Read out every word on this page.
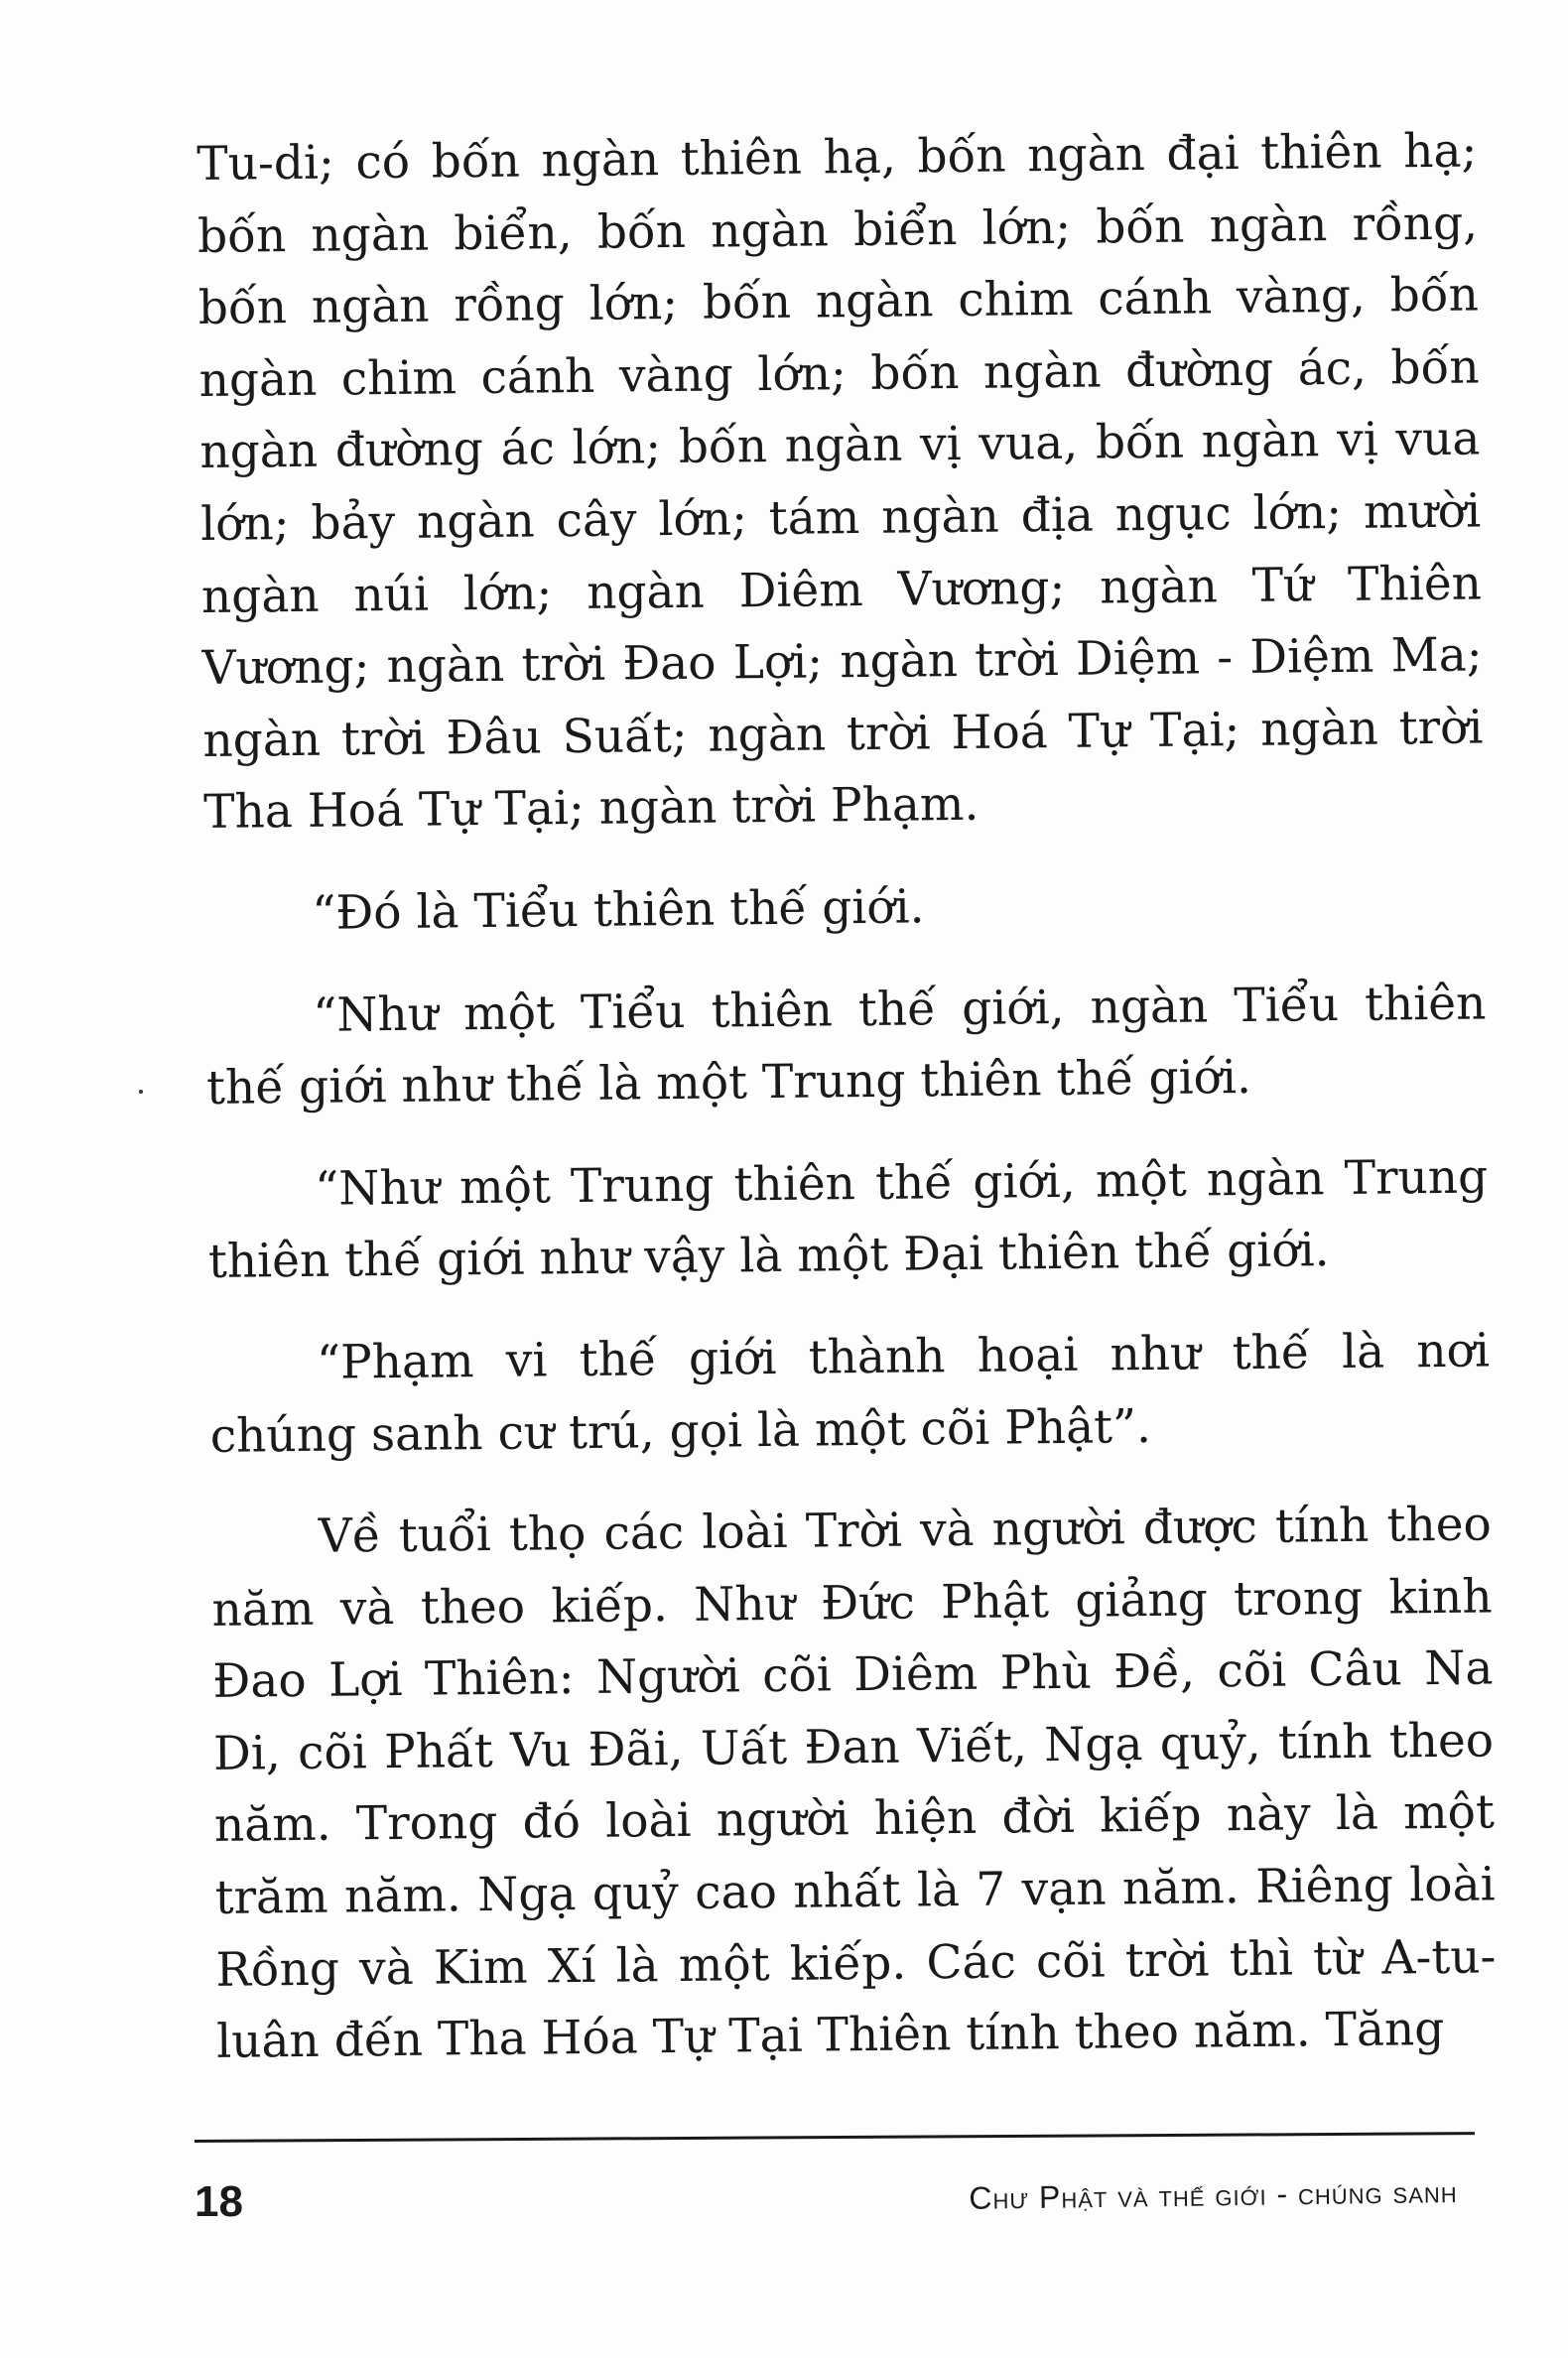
Tu-di; có bốn ngàn thiên hạ, bốn ngàn đại thiên hạ; bốn ngàn biển, bốn ngàn biển lớn; bốn ngàn rồng, bốn ngàn rồng lớn; bốn ngàn chim cánh vàng, bốn ngàn chim cánh vàng lớn; bốn ngàn đường ác, bốn ngàn đường ác lớn; bốn ngàn vị vua, bốn ngàn vị vua lớn; bảy ngàn cây lớn; tám ngàn địa ngục lớn; mười ngàn núi lớn; ngàn Diêm Vương; ngàn Tứ Thiên Vương; ngàn trời Đao Lợi; ngàn trời Diệm - Diệm Ma; ngàn trời Đâu Suất; ngàn trời Hoá Tự Tại; ngàn trời Tha Hoá Tự Tại; ngàn trời Phạm.

“Đó là Tiểu thiên thế giới.

“Như một Tiểu thiên thế giới, ngàn Tiểu thiên thế giới như thế là một Trung thiên thế giới.

“Như một Trung thiên thế giới, một ngàn Trung thiên thế giới như vậy là một Đại thiên thế giới.

“Phạm vi thế giới thành hoại như thế là nơi chúng sanh cư trú, gọi là một cõi Phật”.

Về tuổi thọ các loài Trời và người được tính theo năm và theo kiếp. Như Đức Phật giảng trong kinh Đao Lợi Thiên: Người cõi Diêm Phù Đề, cõi Câu Na Di, cõi Phất Vu Đãi, Uất Đan Viết, Ngạ quỷ, tính theo năm. Trong đó loài người hiện đời kiếp này là một trăm năm. Ngạ quỷ cao nhất là 7 vạn năm. Riêng loài Rồng và Kim Xí là một kiếp. Các cõi trời thì từ A-tu-luân đến Tha Hóa Tự Tại Thiên tính theo năm. Tăng

18	Chư Phật và thế giới - chúng sanh
